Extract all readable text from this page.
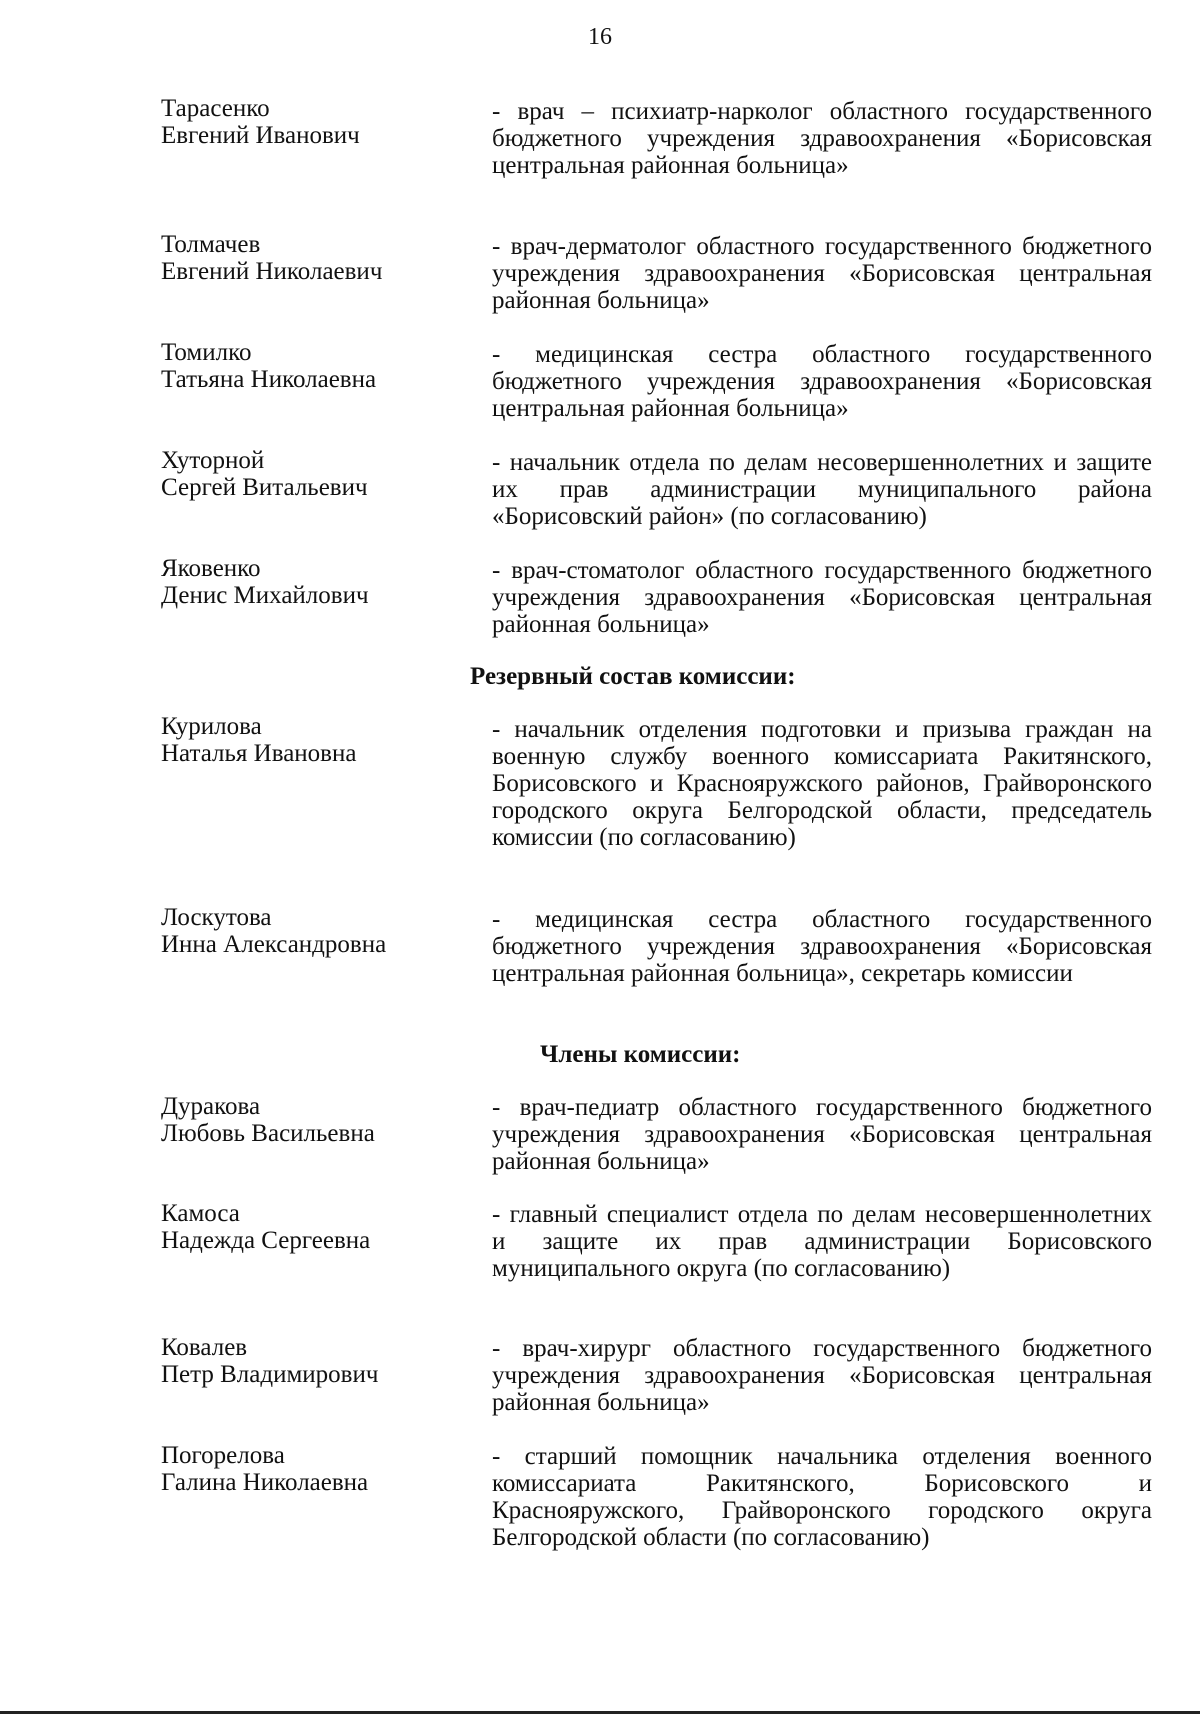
16
Тарасенко
Евгений Иванович
- врач – психиатр-нарколог областного государственного бюджетного учреждения здравоохранения «Борисовская центральная районная больница»
Толмачев
Евгений Николаевич
- врач-дерматолог областного государственного бюджетного учреждения здравоохранения «Борисовская центральная районная больница»
Томилко
Татьяна Николаевна
- медицинская сестра областного государственного бюджетного учреждения здравоохранения «Борисовская центральная районная больница»
Хуторной
Сергей Витальевич
- начальник отдела по делам несовершеннолетних и защите их прав администрации муниципального района «Борисовский район» (по согласованию)
Яковенко
Денис Михайлович
- врач-стоматолог областного государственного бюджетного учреждения здравоохранения «Борисовская центральная районная больница»
Резервный состав комиссии:
Курилова
Наталья Ивановна
- начальник отделения подготовки и призыва граждан на военную службу военного комиссариата Ракитянского, Борисовского и Краснояружского районов, Грайворонского городского округа Белгородской области, председатель комиссии (по согласованию)
Лоскутова
Инна Александровна
- медицинская сестра областного государственного бюджетного учреждения здравоохранения «Борисовская центральная районная больница», секретарь комиссии
Члены комиссии:
Дуракова
Любовь Васильевна
- врач-педиатр областного государственного бюджетного учреждения здравоохранения «Борисовская центральная районная больница»
Камоса
Надежда Сергеевна
- главный специалист отдела по делам несовершеннолетних и защите их прав администрации Борисовского муниципального округа (по согласованию)
Ковалев
Петр Владимирович
- врач-хирург областного государственного бюджетного учреждения здравоохранения «Борисовская центральная районная больница»
Погорелова
Галина Николаевна
- старший помощник начальника отделения военного комиссариата Ракитянского, Борисовского и Краснояружского, Грайворонского городского округа Белгородской области (по согласованию)
